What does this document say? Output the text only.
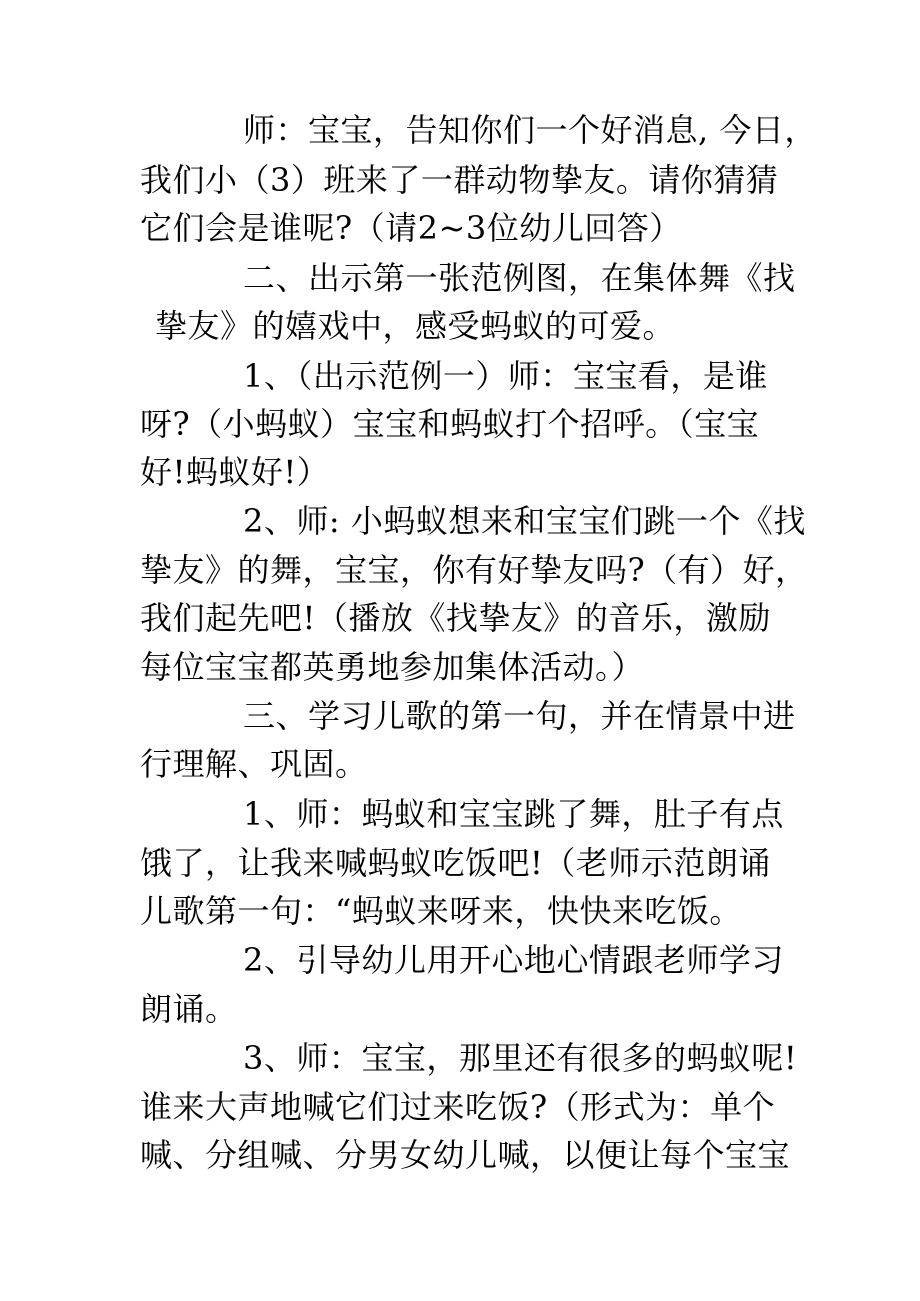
师：宝宝，告知你们一个好消息, 今日，

我们小（3）班来了一群动物挚友。请你猜猜

它们会是谁呢?（请2~3位幼儿回答）

二、出示第一张范例图，在集体舞《找

挚友》的嬉戏中，感受蚂蚁的可爱。

1、（出示范例一）师：宝宝看，是谁

呀?（小蚂蚁）宝宝和蚂蚁打个招呼。（宝宝

好!蚂蚁好!）

2、师: 小蚂蚁想来和宝宝们跳一个《找

挚友》的舞，宝宝，你有好挚友吗?（有）好，

我们起先吧!（播放《找挚友》的音乐，激励

每位宝宝都英勇地参加集体活动。）

三、学习儿歌的第一句，并在情景中进

行理解、巩固。

1、师：蚂蚁和宝宝跳了舞，肚子有点

饿了，让我来喊蚂蚁吃饭吧!（老师示范朗诵

儿歌第一句：“蚂蚁来呀来，快快来吃饭。

2、引导幼儿用开心地心情跟老师学习

朗诵。

3、师：宝宝，那里还有很多的蚂蚁呢!

谁来大声地喊它们过来吃饭?（形式为：单个

喊、分组喊、分男女幼儿喊，以便让每个宝宝
